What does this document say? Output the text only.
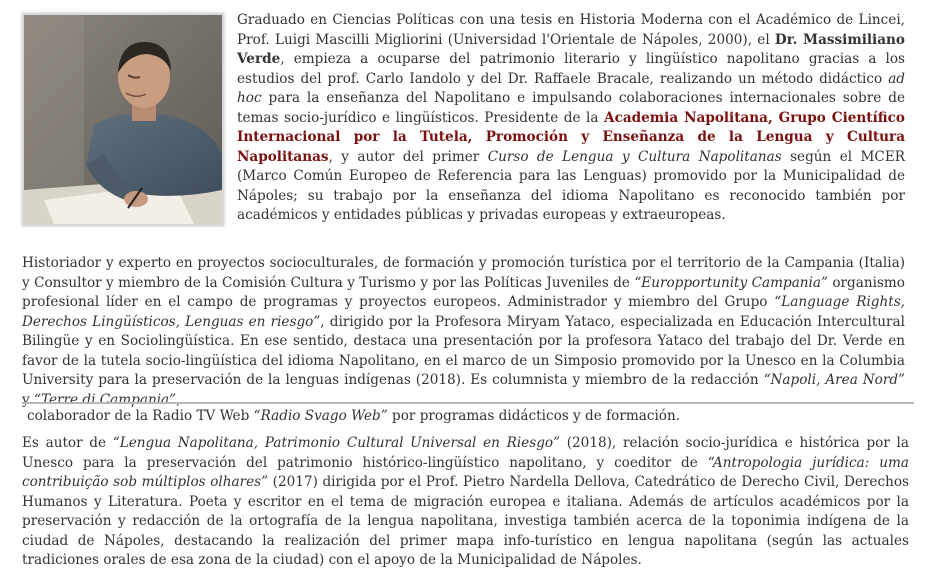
Graduado en Ciencias Políticas con una tesis en Historia Moderna con el Académico de Lincei, Prof. Luigi Mascilli Migliorini (Universidad l'Orientale de Nápoles, 2000), el Dr. Massimiliano Verde, empieza a ocuparse del patrimonio literario y lingüístico napolitano gracias a los estudios del prof. Carlo Iandolo y del Dr. Raffaele Bracale, realizando un método didáctico ad hoc para la enseñanza del Napolitano e impulsando colaboraciones internacionales sobre de temas socio-jurídico e lingüísticos. Presidente de la Academia Napolitana, Grupo Científico Internacional por la Tutela, Promoción y Enseñanza de la Lengua y Cultura Napolitanas, y autor del primer Curso de Lengua y Cultura Napolitanas según el MCER (Marco Común Europeo de Referencia para las Lenguas) promovido por la Municipalidad de Nápoles; su trabajo por la enseñanza del idioma Napolitano es reconocido también por académicos y entidades públicas y privadas europeas y extraeuropeas.

Historiador y experto en proyectos socioculturales, de formación y promoción turística por el territorio de la Campania (Italia) y Consultor y miembro de la Comisión Cultura y Turismo y por las Políticas Juveniles de “Europportunity Campania” organismo profesional líder en el campo de programas y proyectos europeos. Administrador y miembro del Grupo “Language Rights, Derechos Lingüísticos, Lenguas en riesgo”, dirigido por la Profesora Miryam Yataco, especializada en Educación Intercultural Bilingüe y en Sociolingüística. En ese sentido, destaca una presentación por la profesora Yataco del trabajo del Dr. Verde en favor de la tutela socio-lingüística del idioma Napolitano, en el marco de un Simposio promovido por la Unesco en la Columbia University para la preservación de la lenguas indígenas (2018). Es columnista y miembro de la redacción “Napoli, Area Nord” y “Terre di Campania”,

colaborador de la Radio TV Web “Radio Svago Web” por programas didácticos y de formación.

Es autor de “Lengua Napolitana, Patrimonio Cultural Universal en Riesgo” (2018), relación socio-jurídica e histórica por la Unesco para la preservación del patrimonio histórico-lingüístico napolitano, y coeditor de “Antropologia jurídica: uma contribuição sob múltiplos olhares” (2017) dirigida por el Prof. Pietro Nardella Dellova, Catedrático de Derecho Civil, Derechos Humanos y Literatura. Poeta y escritor en el tema de migración europea e italiana. Además de artículos académicos por la preservación y redacción de la ortografía de la lengua napolitana, investiga también acerca de la toponimia indígena de la ciudad de Nápoles, destacando la realización del primer mapa info-turístico en lengua napolitana (según las actuales tradiciones orales de esa zona de la ciudad) con el apoyo de la Municipalidad de Nápoles.
